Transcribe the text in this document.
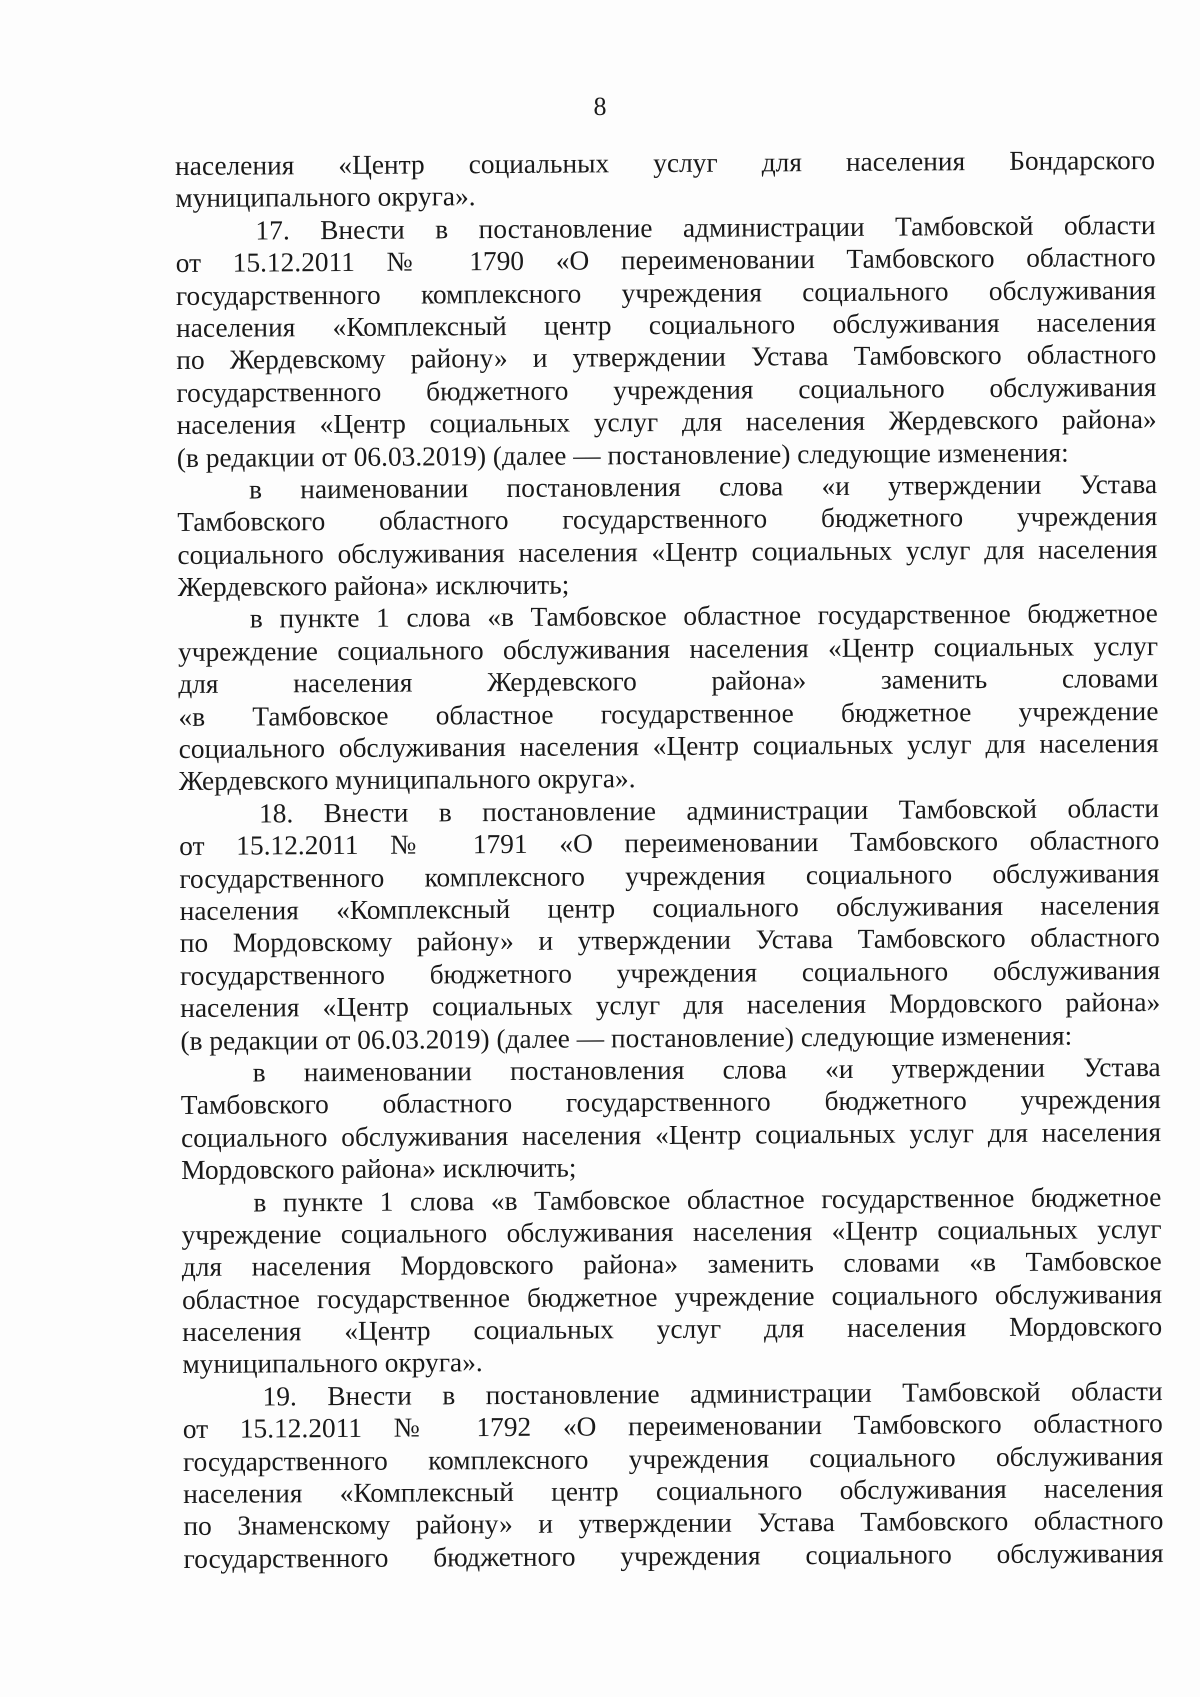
8
населения «Центр социальных услуг для населения Бондарского
муниципального округа».
17. Внести в постановление администрации Тамбовской области
от 15.12.2011 № 1790 «О переименовании Тамбовского областного
государственного комплексного учреждения социального обслуживания
населения «Комплексный центр социального обслуживания населения
по Жердевскому району» и утверждении Устава Тамбовского областного
государственного бюджетного учреждения социального обслуживания
населения «Центр социальных услуг для населения Жердевского района»
(в редакции от 06.03.2019) (далее — постановление) следующие изменения:
в наименовании постановления слова «и утверждении Устава
Тамбовского областного государственного бюджетного учреждения
социального обслуживания населения «Центр социальных услуг для населения
Жердевского района» исключить;
в пункте 1 слова «в Тамбовское областное государственное бюджетное
учреждение социального обслуживания населения «Центр социальных услуг
для населения Жердевского района» заменить словами
«в Тамбовское областное государственное бюджетное учреждение
социального обслуживания населения «Центр социальных услуг для населения
Жердевского муниципального округа».
18. Внести в постановление администрации Тамбовской области
от 15.12.2011 № 1791 «О переименовании Тамбовского областного
государственного комплексного учреждения социального обслуживания
населения «Комплексный центр социального обслуживания населения
по Мордовскому району» и утверждении Устава Тамбовского областного
государственного бюджетного учреждения социального обслуживания
населения «Центр социальных услуг для населения Мордовского района»
(в редакции от 06.03.2019) (далее — постановление) следующие изменения:
в наименовании постановления слова «и утверждении Устава
Тамбовского областного государственного бюджетного учреждения
социального обслуживания населения «Центр социальных услуг для населения
Мордовского района» исключить;
в пункте 1 слова «в Тамбовское областное государственное бюджетное
учреждение социального обслуживания населения «Центр социальных услуг
для населения Мордовского района» заменить словами «в Тамбовское
областное государственное бюджетное учреждение социального обслуживания
населения «Центр социальных услуг для населения Мордовского
муниципального округа».
19. Внести в постановление администрации Тамбовской области
от 15.12.2011 № 1792 «О переименовании Тамбовского областного
государственного комплексного учреждения социального обслуживания
населения «Комплексный центр социального обслуживания населения
по Знаменскому району» и утверждении Устава Тамбовского областного
государственного бюджетного учреждения социального обслуживания
